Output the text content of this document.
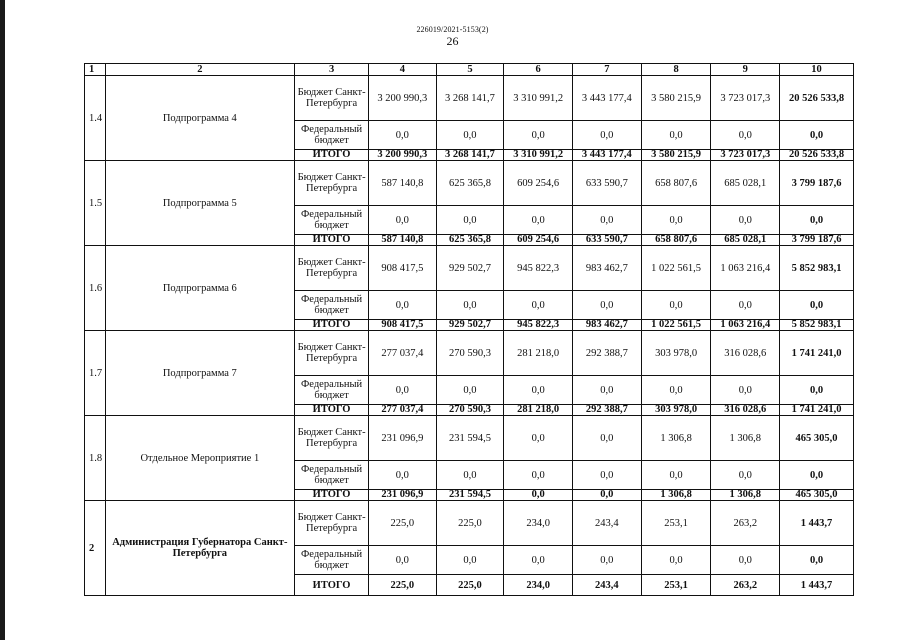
226019/2021-5153(2)
26
1	2	3	4	5	6	7	8	9	10
1.4	Подпрограмма 4	Бюджет Санкт-Петербурга	3 200 990,3	3 268 141,7	3 310 991,2	3 443 177,4	3 580 215,9	3 723 017,3	20 526 533,8
		Федеральный бюджет	0,0	0,0	0,0	0,0	0,0	0,0	0,0
		ИТОГО	3 200 990,3	3 268 141,7	3 310 991,2	3 443 177,4	3 580 215,9	3 723 017,3	20 526 533,8
1.5	Подпрограмма 5	Бюджет Санкт-Петербурга	587 140,8	625 365,8	609 254,6	633 590,7	658 807,6	685 028,1	3 799 187,6
		Федеральный бюджет	0,0	0,0	0,0	0,0	0,0	0,0	0,0
		ИТОГО	587 140,8	625 365,8	609 254,6	633 590,7	658 807,6	685 028,1	3 799 187,6
1.6	Подпрограмма 6	Бюджет Санкт-Петербурга	908 417,5	929 502,7	945 822,3	983 462,7	1 022 561,5	1 063 216,4	5 852 983,1
		Федеральный бюджет	0,0	0,0	0,0	0,0	0,0	0,0	0,0
		ИТОГО	908 417,5	929 502,7	945 822,3	983 462,7	1 022 561,5	1 063 216,4	5 852 983,1
1.7	Подпрограмма 7	Бюджет Санкт-Петербурга	277 037,4	270 590,3	281 218,0	292 388,7	303 978,0	316 028,6	1 741 241,0
		Федеральный бюджет	0,0	0,0	0,0	0,0	0,0	0,0	0,0
		ИТОГО	277 037,4	270 590,3	281 218,0	292 388,7	303 978,0	316 028,6	1 741 241,0
1.8	Отдельное Мероприятие 1	Бюджет Санкт-Петербурга	231 096,9	231 594,5	0,0	0,0	1 306,8	1 306,8	465 305,0
		Федеральный бюджет	0,0	0,0	0,0	0,0	0,0	0,0	0,0
		ИТОГО	231 096,9	231 594,5	0,0	0,0	1 306,8	1 306,8	465 305,0
2	Администрация Губернатора Санкт-Петербурга	Бюджет Санкт-Петербурга	225,0	225,0	234,0	243,4	253,1	263,2	1 443,7
		Федеральный бюджет	0,0	0,0	0,0	0,0	0,0	0,0	0,0
		ИТОГО	225,0	225,0	234,0	243,4	253,1	263,2	1 443,7
